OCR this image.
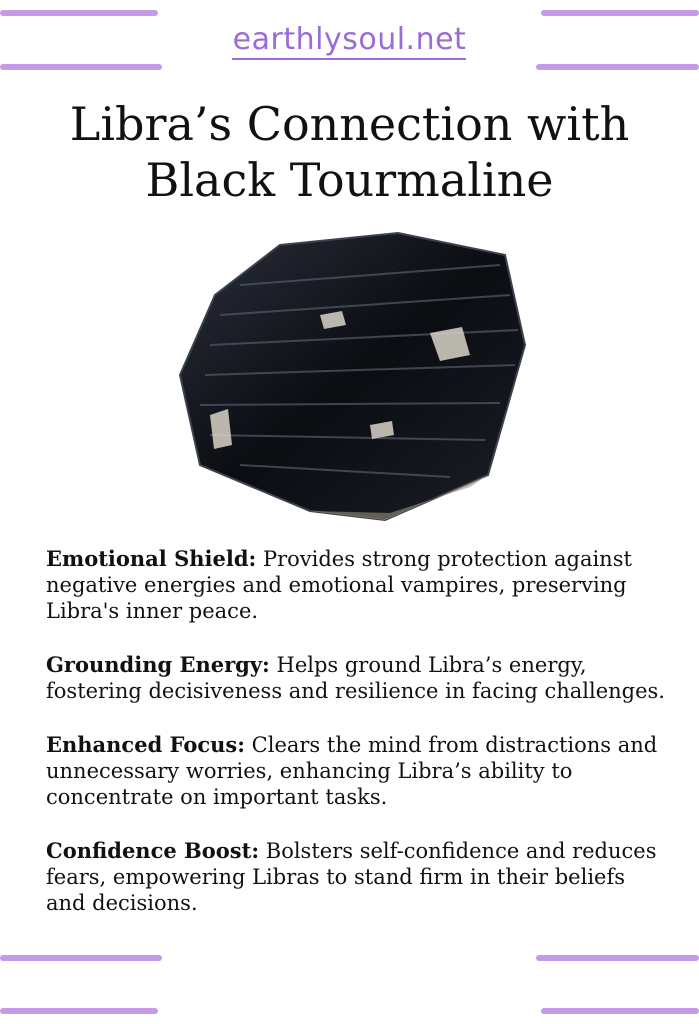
earthlysoul.net
Libra’s Connection with
Black Tourmaline

Emotional Shield: Provides strong protection against negative energies and emotional vampires, preserving Libra's inner peace.

Grounding Energy: Helps ground Libra’s energy, fostering decisiveness and resilience in facing challenges.

Enhanced Focus: Clears the mind from distractions and unnecessary worries, enhancing Libra’s ability to concentrate on important tasks.

Confidence Boost: Bolsters self-confidence and reduces fears, empowering Libras to stand firm in their beliefs and decisions.
